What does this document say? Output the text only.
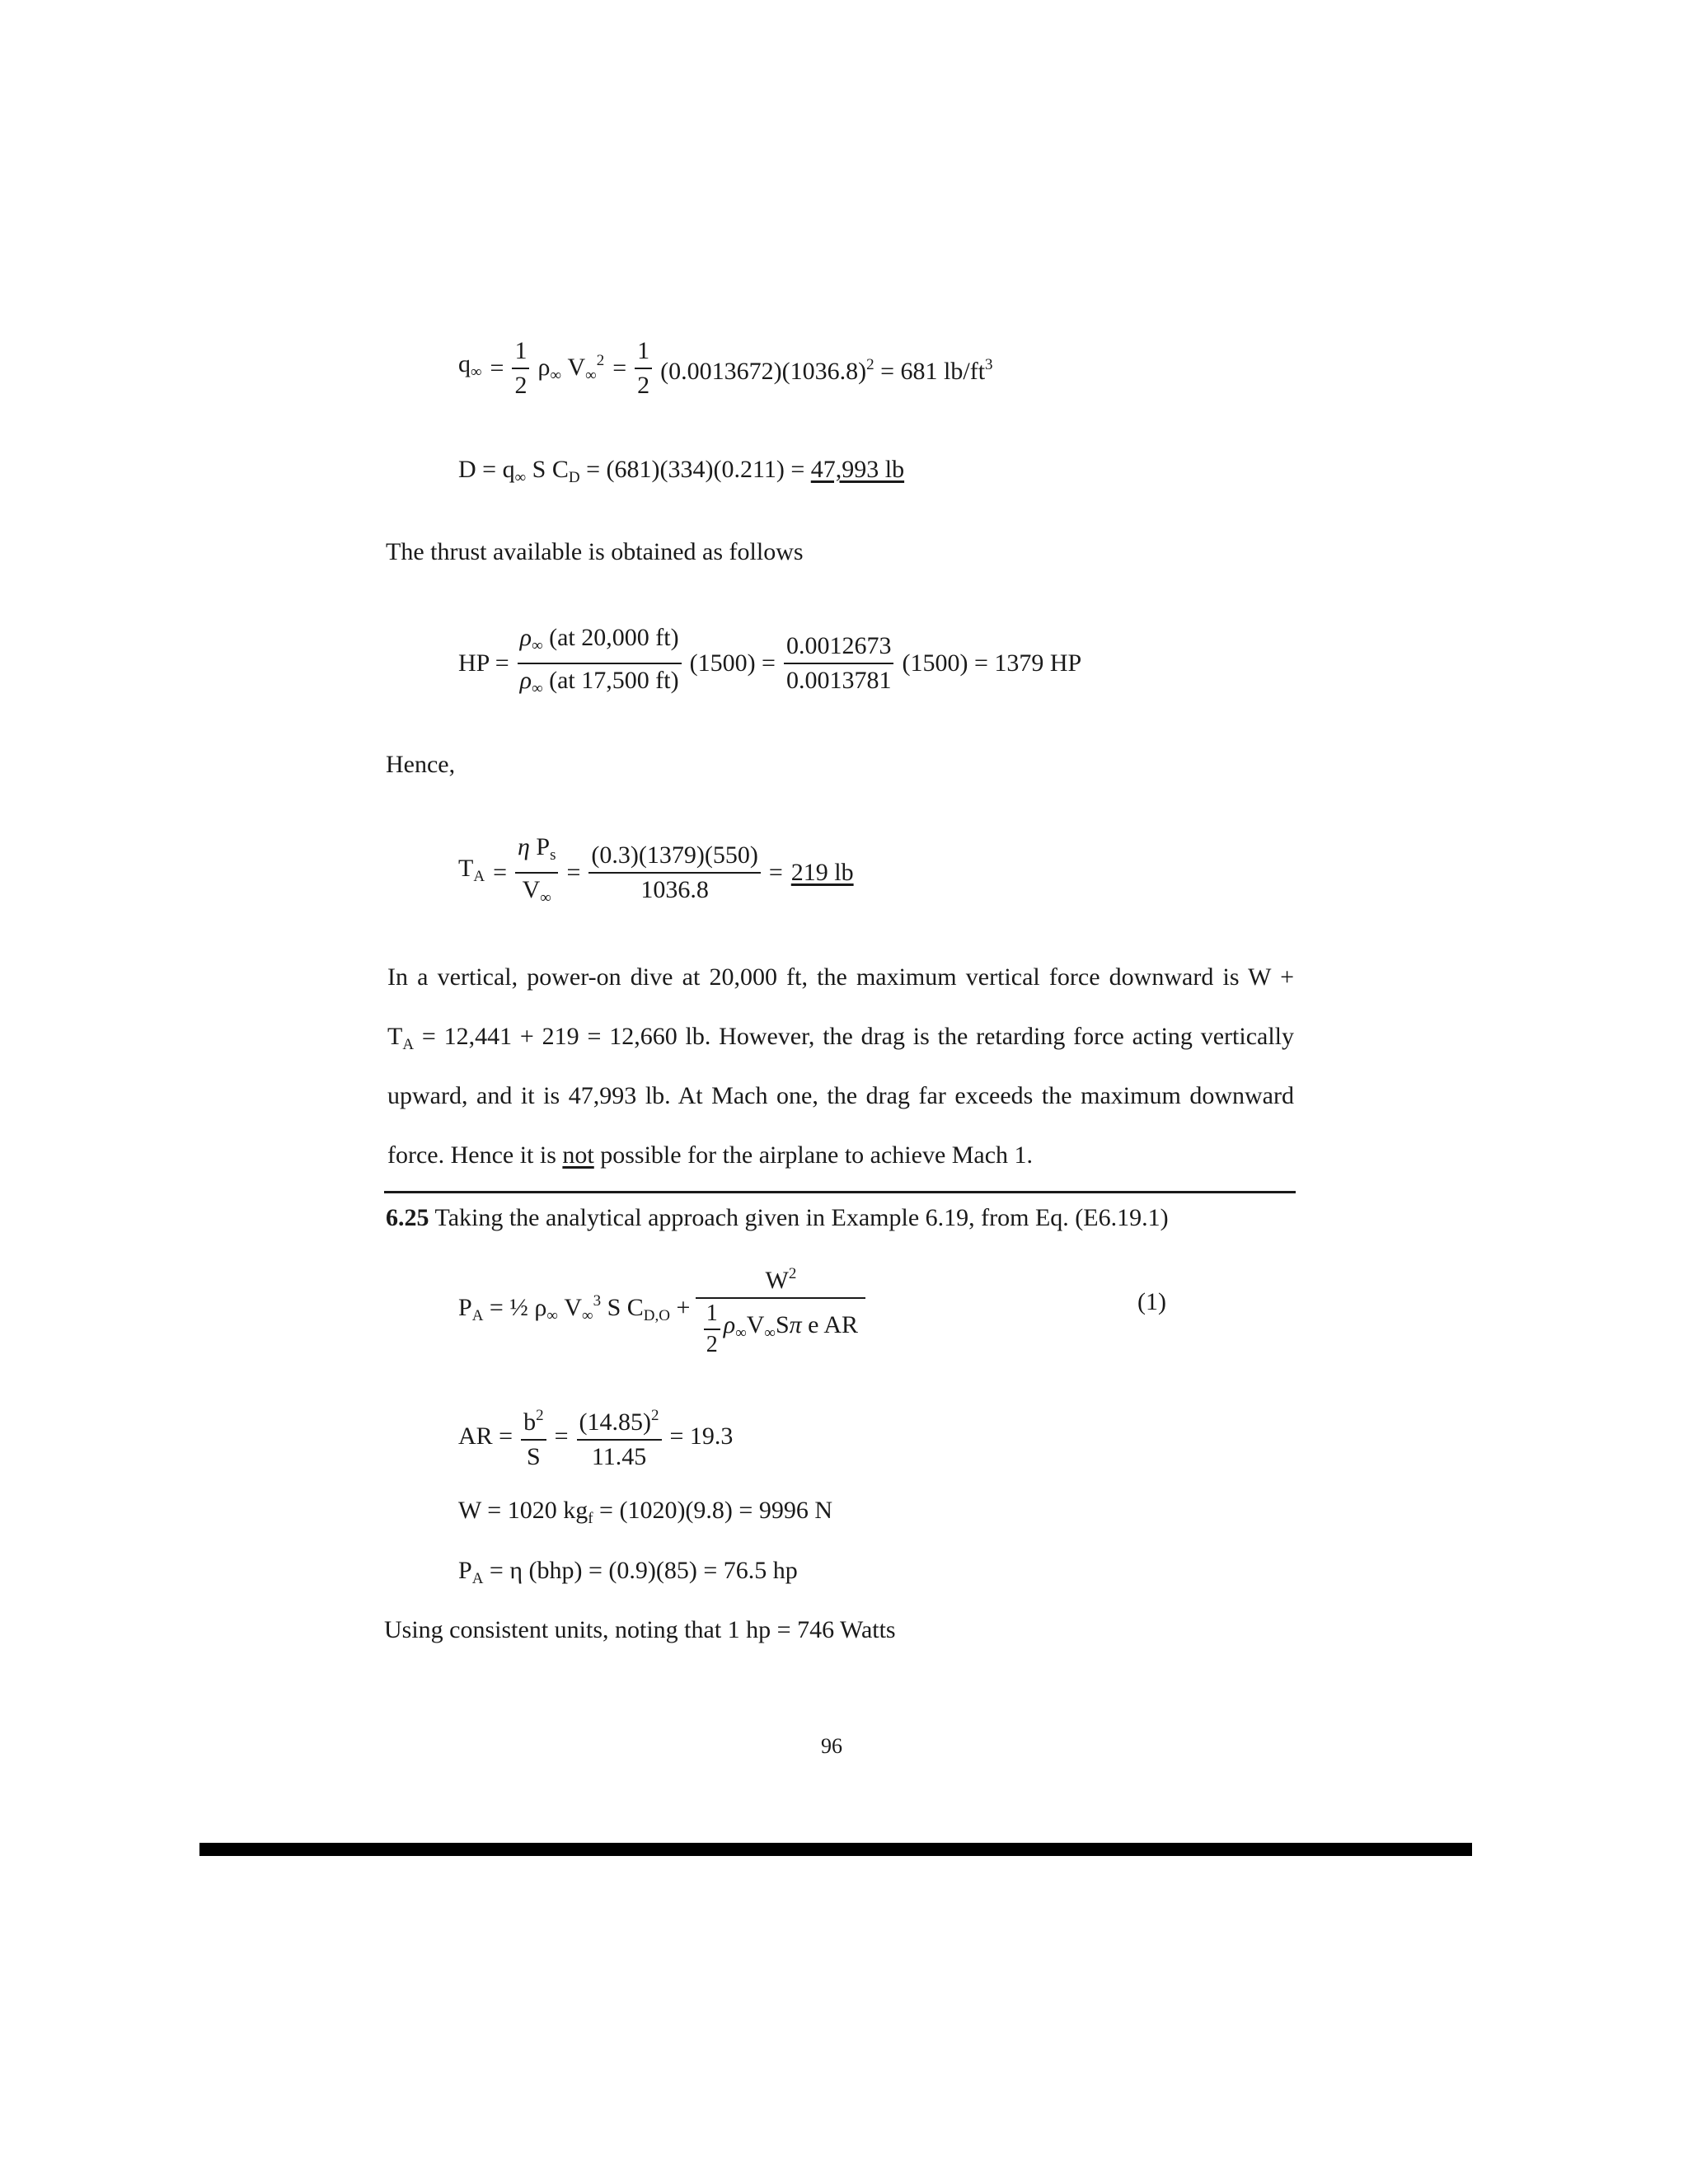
$q_\infty = \frac{1}{2} \rho_\infty$ $V_\infty^2 = \frac{1}{2} (0.0013672)(1036.8)^2 = 681$ $lb/ft^3$
$D = q_\infty$ S $C_D = (681)(334)(0.211) = 47,993$ lb
The thrust available is obtained as follows
HP = $\frac{\rho_\infty (at 20,000 ft)}{\rho_\infty (at 17,500 ft)} (1500) = \frac{0.0012673}{0.0013781} (1500) = 1379$ HP
Hence,
$T_A = \frac{\eta P_s}{V_\infty} = \frac{(0.3)(1379)(550)}{1036.8} = 219$ lb
In a vertical, power-on dive at 20,000 ft, the maximum vertical force downward is W +
$T_A = 12,441 + 219 = 12,660$ lb. However, the drag is the retarding force acting vertically
upward, and it is 47,993 lb. At Mach one, the drag far exceeds the maximum downward
force. Hence it is not possible for the airplane to achieve Mach 1.
6.25 Taking the analytical approach given in Example 6.19, from Eq. (E6.19.1)
$P_A$ = ½ $\rho_\infty$ $V_\infty^3$ S $C_{D,O} + \frac{W^2}{\frac{1}{2} \rho_\infty V_\infty S\pi e AR}$	(1)
AR = $\frac{b^2}{S} = \frac{(14.85)^2}{11.45} = 19.3$
W = 1020 $kg_f = (1020)(9.8) = 9996$ N
$P_A = \eta$ (bhp) = (0.9)(85) = 76.5 hp
Using consistent units, noting that 1 hp = 746 Watts
96
